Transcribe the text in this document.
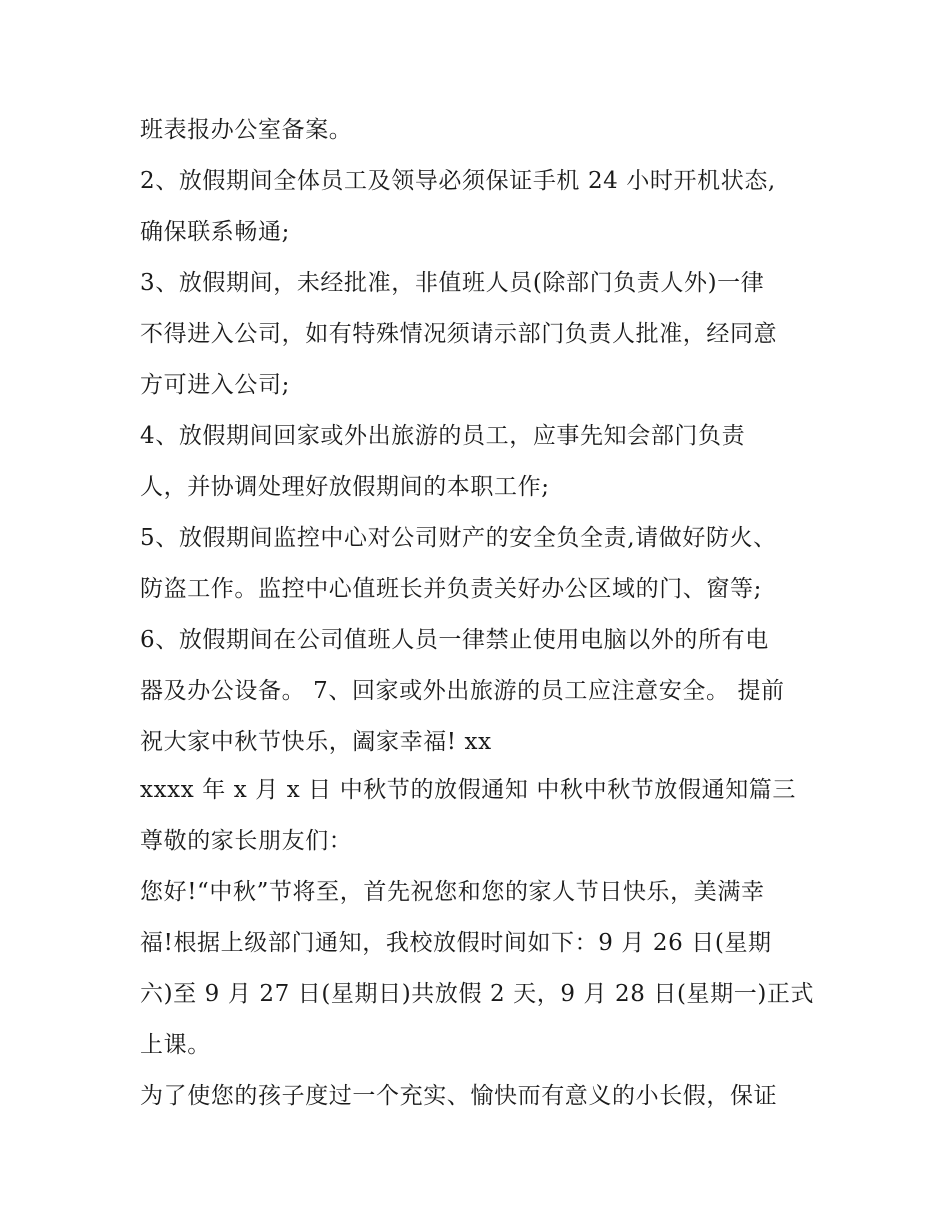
班表报办公室备案。

2、放假期间全体员工及领导必须保证手机 24 小时开机状态,

确保联系畅通;

3、放假期间，未经批准，非值班人员(除部门负责人外)一律

不得进入公司，如有特殊情况须请示部门负责人批准，经同意

方可进入公司;

4、放假期间回家或外出旅游的员工，应事先知会部门负责

人，并协调处理好放假期间的本职工作;

5、放假期间监控中心对公司财产的安全负全责,请做好防火、

防盗工作。监控中心值班长并负责关好办公区域的门、窗等;

6、放假期间在公司值班人员一律禁止使用电脑以外的所有电

器及办公设备。 7、回家或外出旅游的员工应注意安全。 提前

祝大家中秋节快乐，阖家幸福! xx

xxxx 年 x 月 x 日 中秋节的放假通知 中秋中秋节放假通知篇三

尊敬的家长朋友们：

您好!“中秋”节将至，首先祝您和您的家人节日快乐，美满幸

福!根据上级部门通知，我校放假时间如下：9 月 26 日(星期

六)至 9 月 27 日(星期日)共放假 2 天，9 月 28 日(星期一)正式

上课。

为了使您的孩子度过一个充实、愉快而有意义的小长假，保证
